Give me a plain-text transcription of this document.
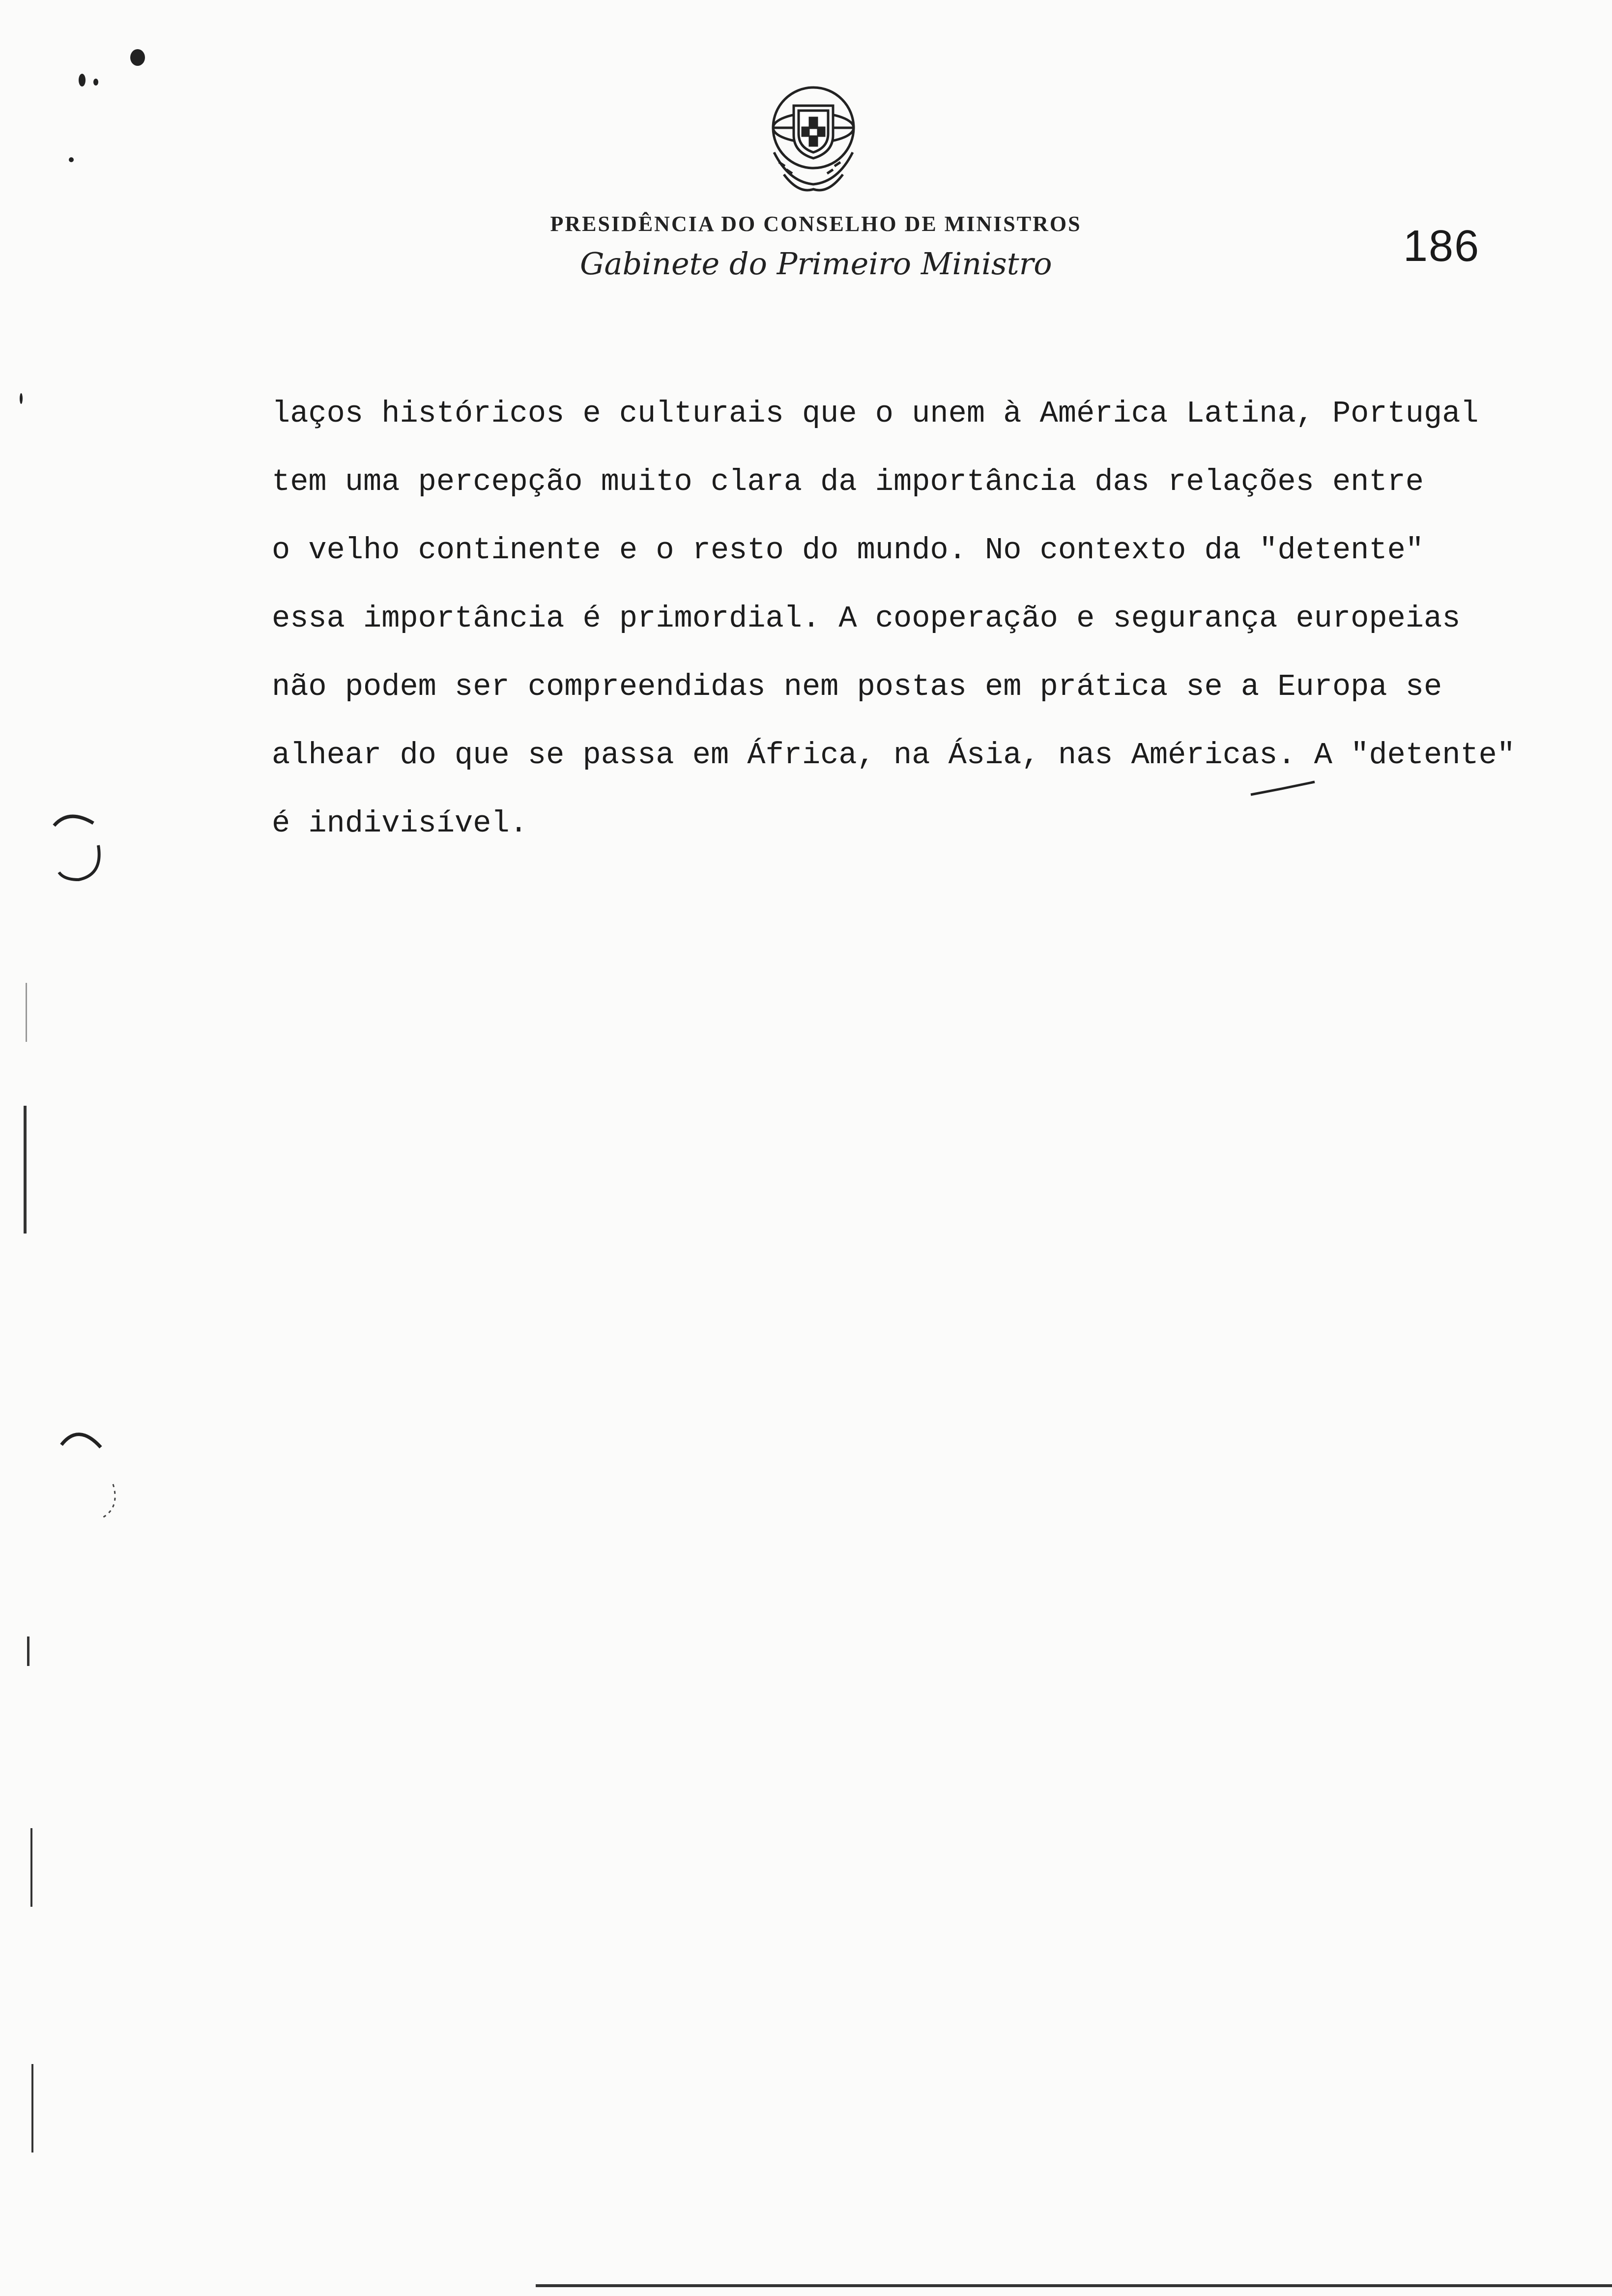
PRESIDÊNCIA DO CONSELHO DE MINISTROS
Gabinete do Primeiro Ministro	186
laços históricos e culturais que o unem à América Latina, Portugal
tem uma percepção muito clara da importância das relações entre
o velho continente e o resto do mundo. No contexto da "detente"
essa importância é primordial. A cooperação e segurança europeias
não podem ser compreendidas nem postas em prática se a Europa se
alhear do que se passa em África, na Ásia, nas Américas. A "detente"
é indivisível.
